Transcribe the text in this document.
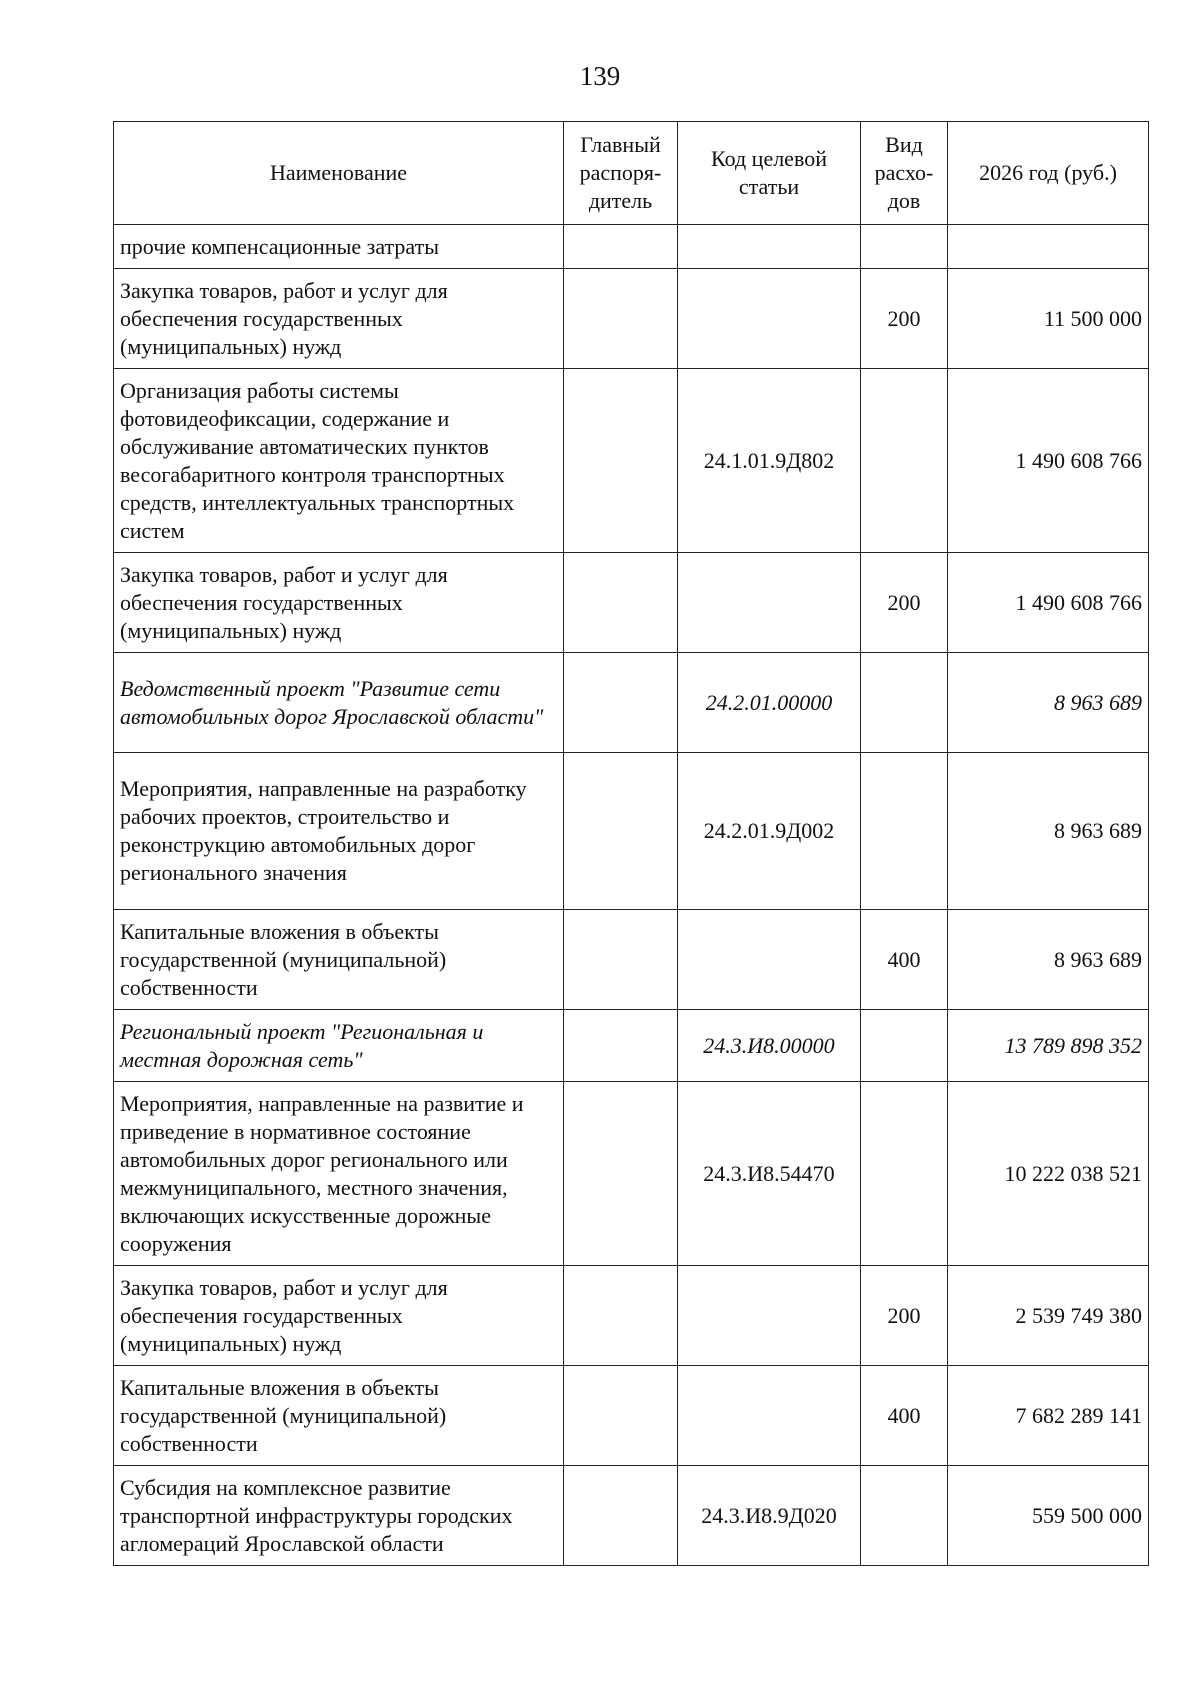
139
Наименование	Главный распоря-дитель	Код целевой статьи	Вид расхо-дов	2026 год (руб.)
прочие компенсационные затраты				
Закупка товаров, работ и услуг для обеспечения государственных (муниципальных) нужд			200	11 500 000
Организация работы системы фотовидеофиксации, содержание и обслуживание автоматических пунктов весогабаритного контроля транспортных средств, интеллектуальных транспортных систем		24.1.01.9Д802		1 490 608 766
Закупка товаров, работ и услуг для обеспечения государственных (муниципальных) нужд			200	1 490 608 766
Ведомственный проект "Развитие сети автомобильных дорог Ярославской области"		24.2.01.00000		8 963 689
Мероприятия, направленные на разработку рабочих проектов, строительство и реконструкцию автомобильных дорог регионального значения		24.2.01.9Д002		8 963 689
Капитальные вложения в объекты государственной (муниципальной) собственности			400	8 963 689
Региональный проект "Региональная и местная дорожная сеть"		24.3.И8.00000		13 789 898 352
Мероприятия, направленные на развитие и приведение в нормативное состояние автомобильных дорог регионального или межмуниципального, местного значения, включающих искусственные дорожные сооружения		24.3.И8.54470		10 222 038 521
Закупка товаров, работ и услуг для обеспечения государственных (муниципальных) нужд			200	2 539 749 380
Капитальные вложения в объекты государственной (муниципальной) собственности			400	7 682 289 141
Субсидия на комплексное развитие транспортной инфраструктуры городских агломераций Ярославской области		24.3.И8.9Д020		559 500 000
